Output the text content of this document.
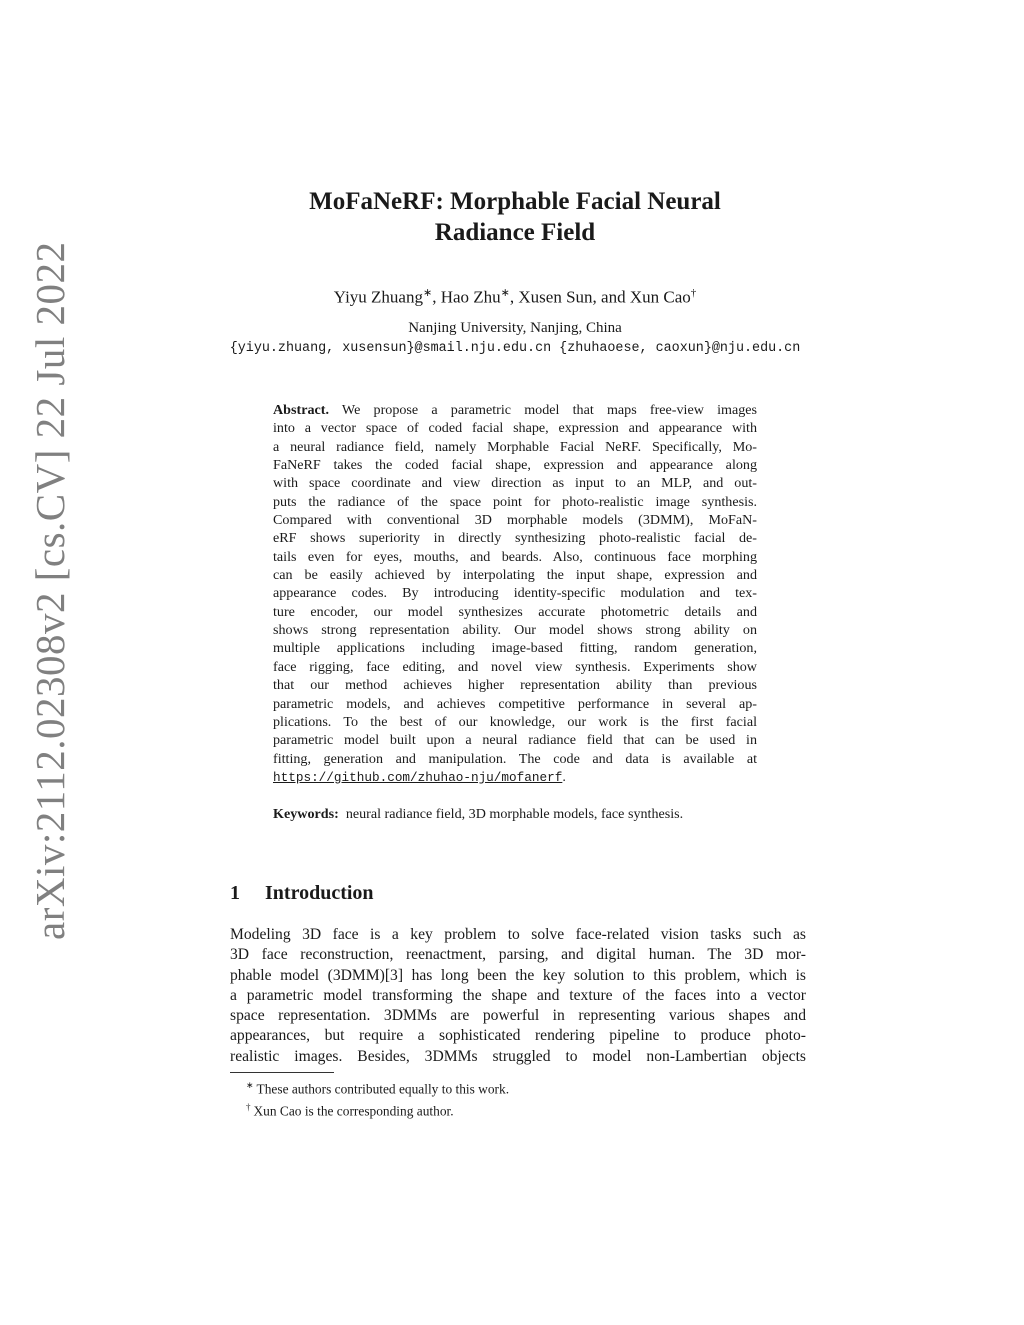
arXiv:2112.02308v2 [cs.CV] 22 Jul 2022
MoFaNeRF: Morphable Facial Neural
Radiance Field
Yiyu Zhuang∗, Hao Zhu∗, Xusen Sun, and Xun Cao†
Nanjing University, Nanjing, China
{yiyu.zhuang, xusensun}@smail.nju.edu.cn {zhuhaoese, caoxun}@nju.edu.cn
Abstract. We propose a parametric model that maps free-view images
into a vector space of coded facial shape, expression and appearance with
a neural radiance field, namely Morphable Facial NeRF. Specifically, Mo-
FaNeRF takes the coded facial shape, expression and appearance along
with space coordinate and view direction as input to an MLP, and out-
puts the radiance of the space point for photo-realistic image synthesis.
Compared with conventional 3D morphable models (3DMM), MoFaN-
eRF shows superiority in directly synthesizing photo-realistic facial de-
tails even for eyes, mouths, and beards. Also, continuous face morphing
can be easily achieved by interpolating the input shape, expression and
appearance codes. By introducing identity-specific modulation and tex-
ture encoder, our model synthesizes accurate photometric details and
shows strong representation ability. Our model shows strong ability on
multiple applications including image-based fitting, random generation,
face rigging, face editing, and novel view synthesis. Experiments show
that our method achieves higher representation ability than previous
parametric models, and achieves competitive performance in several ap-
plications. To the best of our knowledge, our work is the first facial
parametric model built upon a neural radiance field that can be used in
fitting, generation and manipulation. The code and data is available at
https://github.com/zhuhao-nju/mofanerf.
Keywords: neural radiance field, 3D morphable models, face synthesis.
1 Introduction
Modeling 3D face is a key problem to solve face-related vision tasks such as
3D face reconstruction, reenactment, parsing, and digital human. The 3D mor-
phable model (3DMM)[3] has long been the key solution to this problem, which is
a parametric model transforming the shape and texture of the faces into a vector
space representation. 3DMMs are powerful in representing various shapes and
appearances, but require a sophisticated rendering pipeline to produce photo-
realistic images. Besides, 3DMMs struggled to model non-Lambertian objects
∗ These authors contributed equally to this work.
† Xun Cao is the corresponding author.
